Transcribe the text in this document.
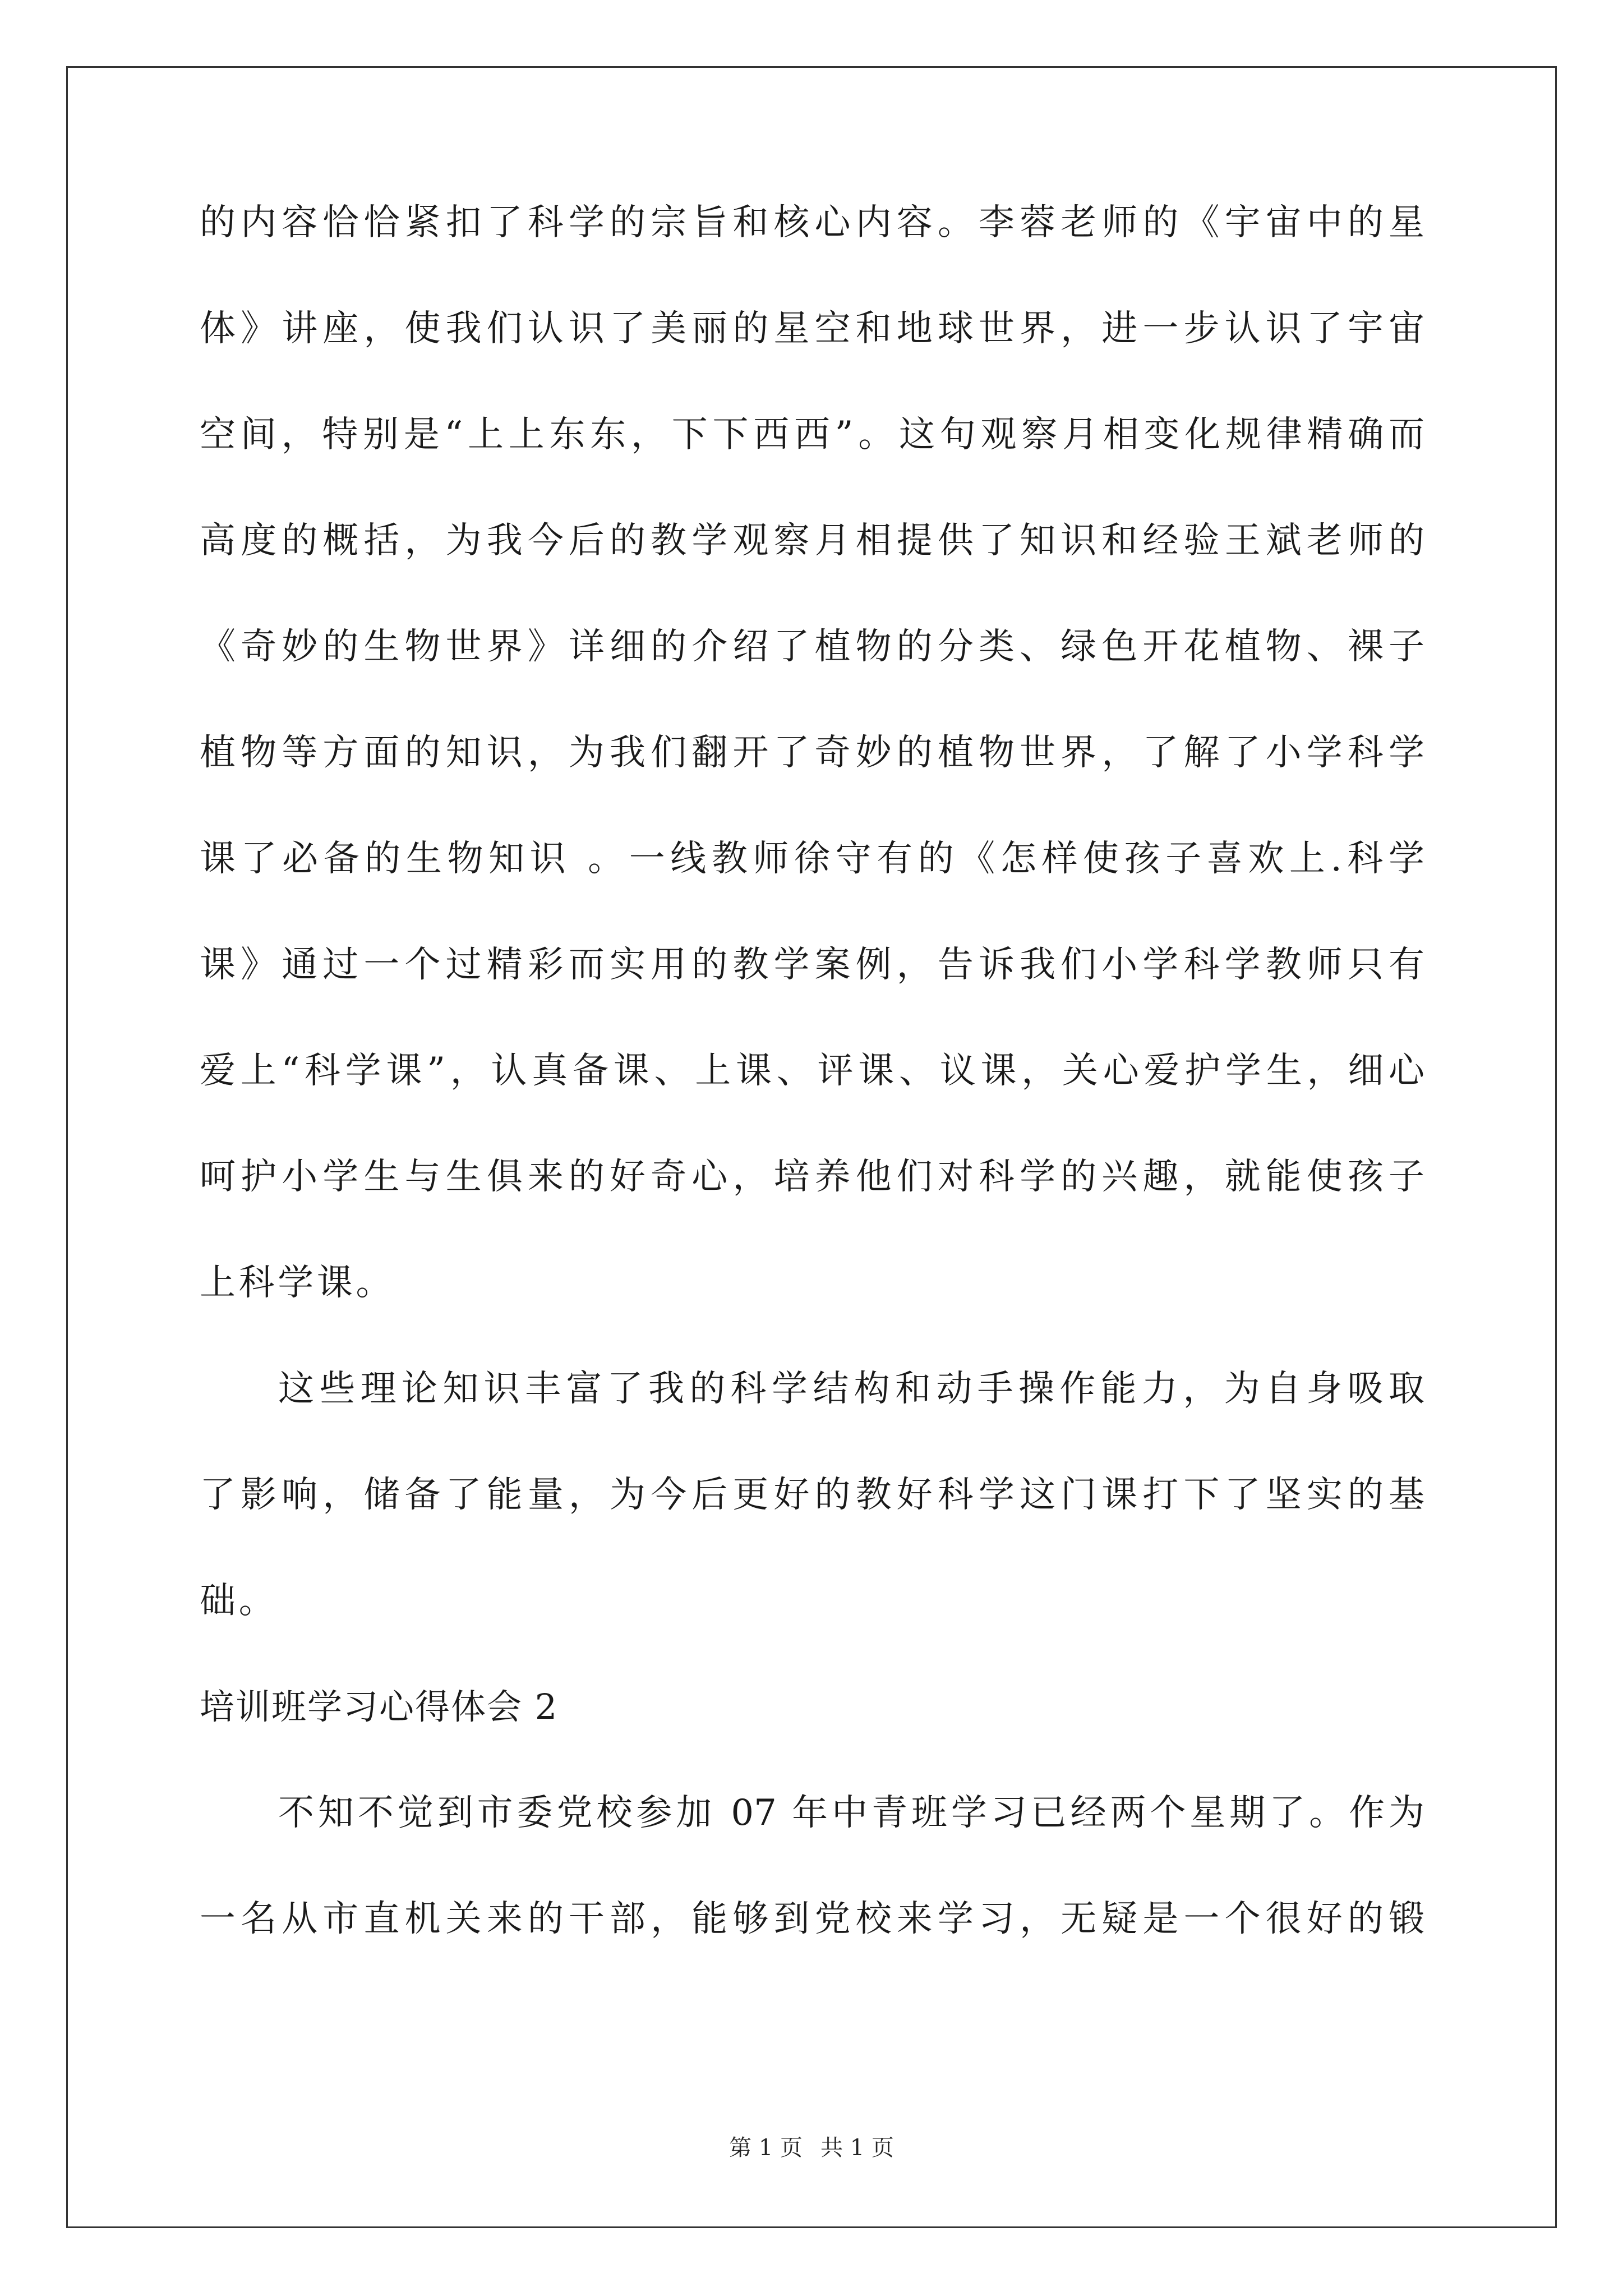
的内容恰恰紧扣了科学的宗旨和核心内容。李蓉老师的《宇宙中的星
体》讲座，使我们认识了美丽的星空和地球世界，进一步认识了宇宙
空间，特别是“上上东东，下下西西”。这句观察月相变化规律精确而
高度的概括，为我今后的教学观察月相提供了知识和经验王斌老师的
《奇妙的生物世界》详细的介绍了植物的分类、绿色开花植物、裸子
植物等方面的知识，为我们翻开了奇妙的植物世界，了解了小学科学
课了必备的生物知识 。一线教师徐守有的《怎样使孩子喜欢上.科学
课》通过一个过精彩而实用的教学案例，告诉我们小学科学教师只有
爱上“科学课”，认真备课、上课、评课、议课，关心爱护学生，细心
呵护小学生与生俱来的好奇心，培养他们对科学的兴趣，就能使孩子
上科学课。
这些理论知识丰富了我的科学结构和动手操作能力，为自身吸取
了影响，储备了能量，为今后更好的教好科学这门课打下了坚实的基
础。
培训班学习心得体会 2
不知不觉到市委党校参加 07 年中青班学习已经两个星期了。作为
一名从市直机关来的干部，能够到党校来学习，无疑是一个很好的锻
第 1 页 共 1 页
